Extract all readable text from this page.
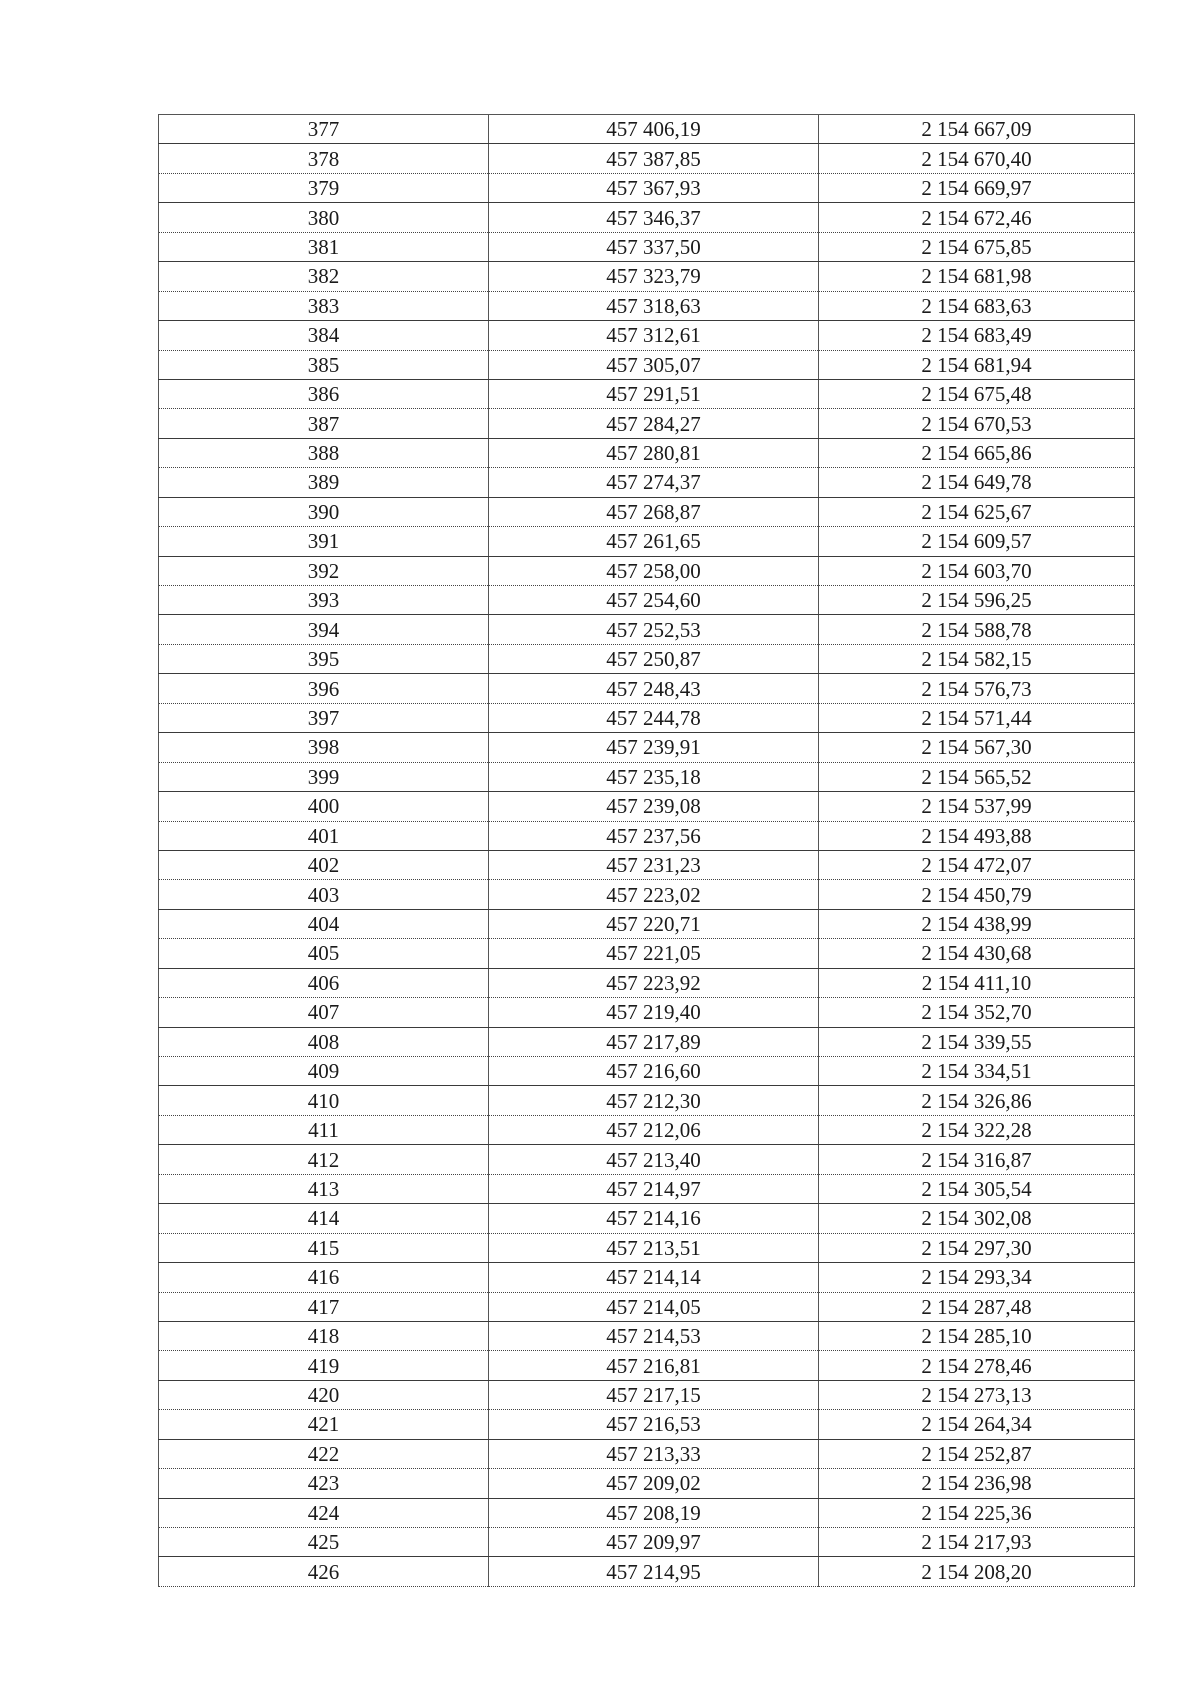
377	457 406,19	2 154 667,09
378	457 387,85	2 154 670,40
379	457 367,93	2 154 669,97
380	457 346,37	2 154 672,46
381	457 337,50	2 154 675,85
382	457 323,79	2 154 681,98
383	457 318,63	2 154 683,63
384	457 312,61	2 154 683,49
385	457 305,07	2 154 681,94
386	457 291,51	2 154 675,48
387	457 284,27	2 154 670,53
388	457 280,81	2 154 665,86
389	457 274,37	2 154 649,78
390	457 268,87	2 154 625,67
391	457 261,65	2 154 609,57
392	457 258,00	2 154 603,70
393	457 254,60	2 154 596,25
394	457 252,53	2 154 588,78
395	457 250,87	2 154 582,15
396	457 248,43	2 154 576,73
397	457 244,78	2 154 571,44
398	457 239,91	2 154 567,30
399	457 235,18	2 154 565,52
400	457 239,08	2 154 537,99
401	457 237,56	2 154 493,88
402	457 231,23	2 154 472,07
403	457 223,02	2 154 450,79
404	457 220,71	2 154 438,99
405	457 221,05	2 154 430,68
406	457 223,92	2 154 411,10
407	457 219,40	2 154 352,70
408	457 217,89	2 154 339,55
409	457 216,60	2 154 334,51
410	457 212,30	2 154 326,86
411	457 212,06	2 154 322,28
412	457 213,40	2 154 316,87
413	457 214,97	2 154 305,54
414	457 214,16	2 154 302,08
415	457 213,51	2 154 297,30
416	457 214,14	2 154 293,34
417	457 214,05	2 154 287,48
418	457 214,53	2 154 285,10
419	457 216,81	2 154 278,46
420	457 217,15	2 154 273,13
421	457 216,53	2 154 264,34
422	457 213,33	2 154 252,87
423	457 209,02	2 154 236,98
424	457 208,19	2 154 225,36
425	457 209,97	2 154 217,93
426	457 214,95	2 154 208,20
